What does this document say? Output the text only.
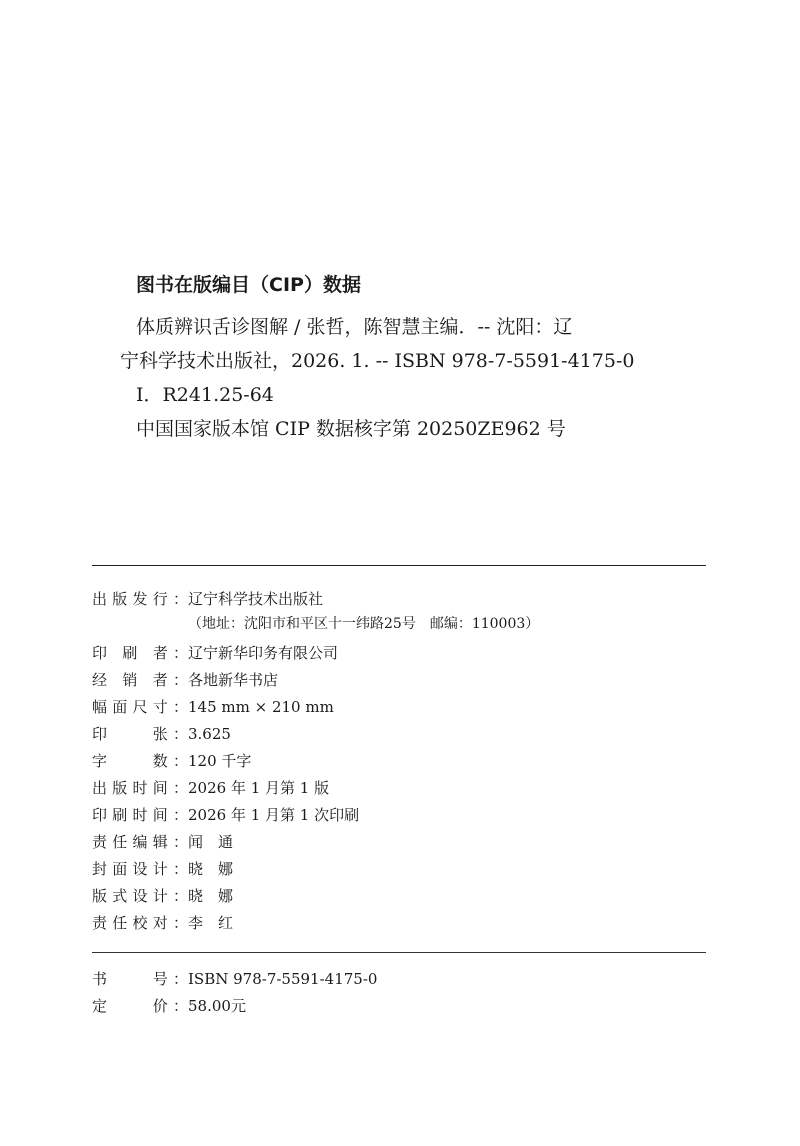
图书在版编目（CIP）数据
体质辨识舌诊图解 / 张哲，陈智慧主编．-- 沈阳：辽
宁科学技术出版社，2026. 1. -- ISBN 978-7-5591-4175-0
Ⅰ．R241.25-64
中国国家版本馆 CIP 数据核字第 20250ZE962 号
出版发行：辽宁科学技术出版社
（地址：沈阳市和平区十一纬路25号　邮编：110003）
印 刷 者：辽宁新华印务有限公司
经 销 者：各地新华书店
幅面尺寸：145 mm × 210 mm
印　　张：3.625
字　　数：120 千字
出版时间：2026 年 1 月第 1 版
印刷时间：2026 年 1 月第 1 次印刷
责任编辑：闻　通
封面设计：晓　娜
版式设计：晓　娜
责任校对：李　红
书　　号：ISBN 978-7-5591-4175-0
定　　价：58.00元
